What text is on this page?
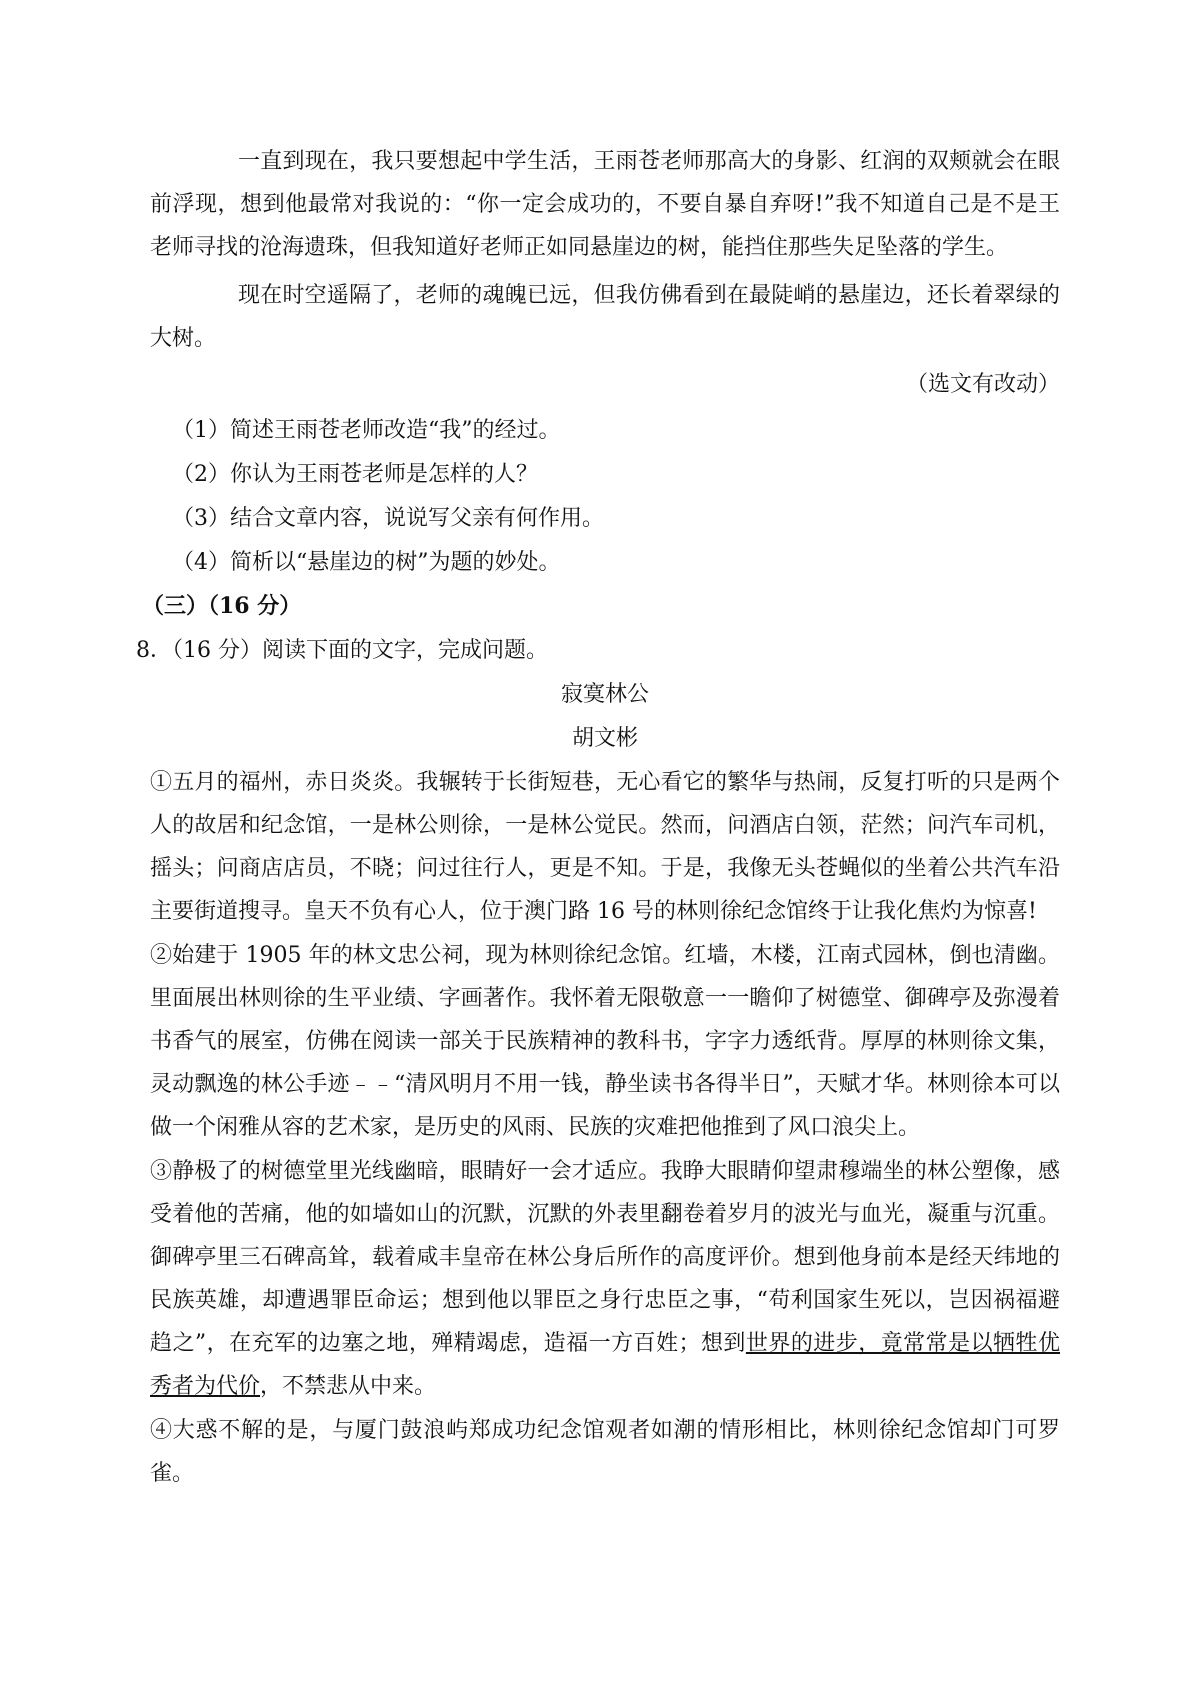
一直到现在，我只要想起中学生活，王雨苍老师那高大的身影、红润的双颊就会在眼前浮现，想到他最常对我说的：“你一定会成功的，不要自暴自弃呀!”我不知道自己是不是王老师寻找的沧海遗珠，但我知道好老师正如同悬崖边的树，能挡住那些失足坠落的学生。

现在时空遥隔了，老师的魂魄已远，但我仿佛看到在最陡峭的悬崖边，还长着翠绿的大树。

（选文有改动）

（1）简述王雨苍老师改造“我”的经过。

（2）你认为王雨苍老师是怎样的人？

（3）结合文章内容，说说写父亲有何作用。

（4）简析以“悬崖边的树”为题的妙处。

（三）（16 分）

8．（16 分）阅读下面的文字，完成问题。

寂寞林公

胡文彬

①五月的福州，赤日炎炎。我辗转于长街短巷，无心看它的繁华与热闹，反复打听的只是两个人的故居和纪念馆，一是林公则徐，一是林公觉民。然而，问酒店白领，茫然；问汽车司机，摇头；问商店店员，不晓；问过往行人，更是不知。于是，我像无头苍蝇似的坐着公共汽车沿主要街道搜寻。皇天不负有心人，位于澳门路 16 号的林则徐纪念馆终于让我化焦灼为惊喜!

②始建于 1905 年的林文忠公祠，现为林则徐纪念馆。红墙，木楼，江南式园林，倒也清幽。里面展出林则徐的生平业绩、字画著作。我怀着无限敬意一一瞻仰了树德堂、御碑亭及弥漫着书香气的展室，仿佛在阅读一部关于民族精神的教科书，字字力透纸背。厚厚的林则徐文集，灵动飘逸的林公手迹﹣﹣“清风明月不用一钱，静坐读书各得半日”，天赋才华。林则徐本可以做一个闲雅从容的艺术家，是历史的风雨、民族的灾难把他推到了风口浪尖上。

③静极了的树德堂里光线幽暗，眼睛好一会才适应。我睁大眼睛仰望肃穆端坐的林公塑像，感受着他的苦痛，他的如墙如山的沉默，沉默的外表里翻卷着岁月的波光与血光，凝重与沉重。御碑亭里三石碑高耸，载着咸丰皇帝在林公身后所作的高度评价。想到他身前本是经天纬地的民族英雄，却遭遇罪臣命运；想到他以罪臣之身行忠臣之事，“苟利国家生死以，岂因祸福避趋之”，在充军的边塞之地，殚精竭虑，造福一方百姓；想到世界的进步，竟常常是以牺牲优秀者为代价，不禁悲从中来。

④大惑不解的是，与厦门鼓浪屿郑成功纪念馆观者如潮的情形相比，林则徐纪念馆却门可罗雀。
